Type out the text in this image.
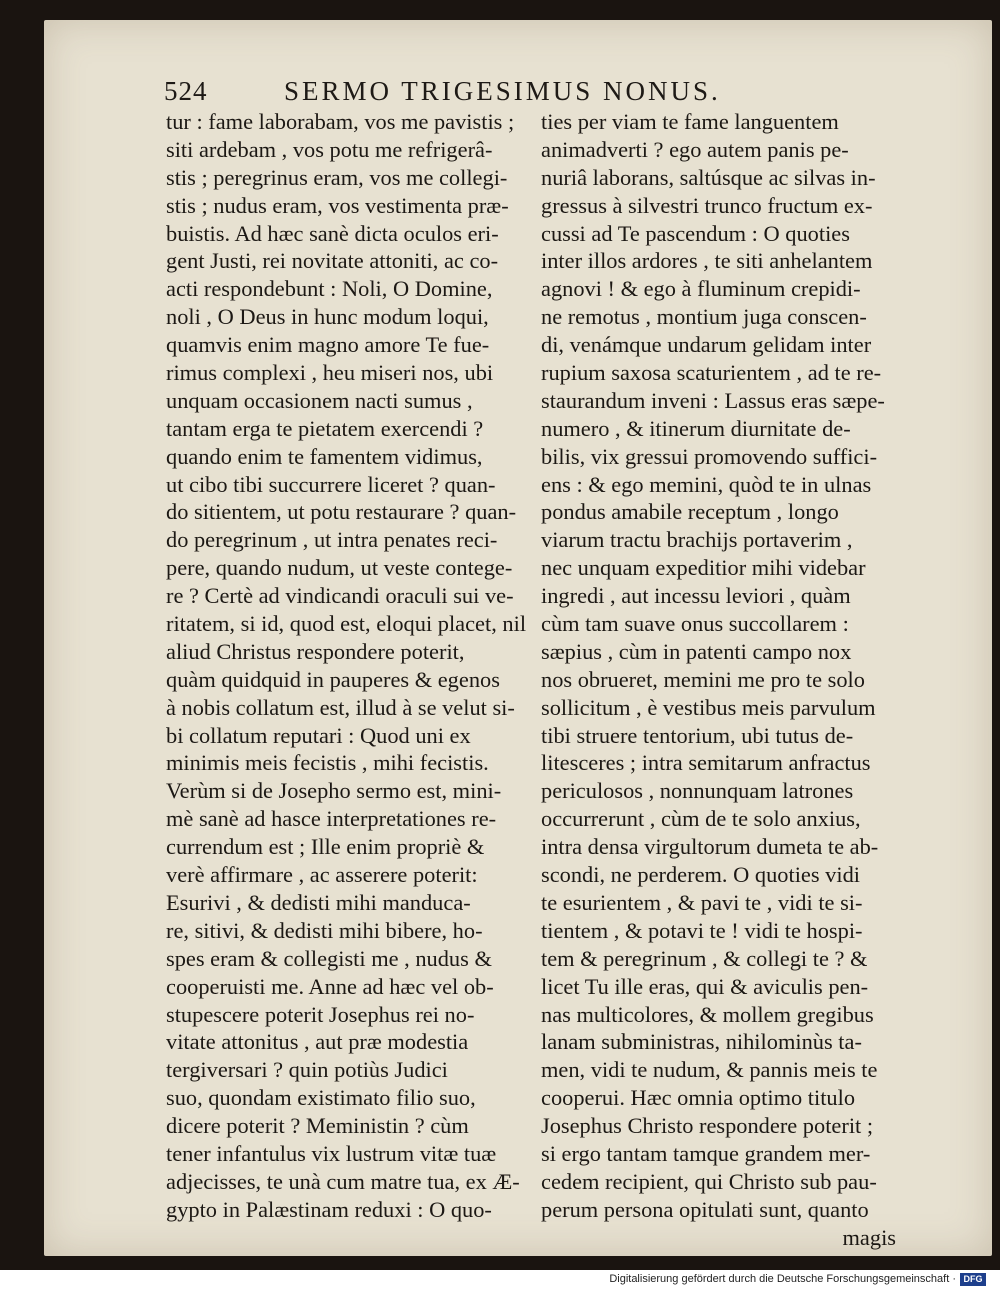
524	SERMO TRIGESIMUS NONUS.
tur : fame laborabam, vos me pavistis ;
siti ardebam , vos potu me refrigerâ-
stis ; peregrinus eram, vos me collegi-
stis ; nudus eram, vos vestimenta præ-
buistis. Ad hæc sanè dicta oculos eri-
gent Justi, rei novitate attoniti, ac co-
acti respondebunt : Noli, O Domine,
noli , O Deus in hunc modum loqui,
quamvis enim magno amore Te fue-
rimus complexi , heu miseri nos, ubi
unquam occasionem nacti sumus ,
tantam erga te pietatem exercendi ?
quando enim te famentem vidimus,
ut cibo tibi succurrere liceret ? quan-
do sitientem, ut potu restaurare ? quan-
do peregrinum , ut intra penates reci-
pere, quando nudum, ut veste contege-
re ? Certè ad vindicandi oraculi sui ve-
ritatem, si id, quod est, eloqui placet, nil
aliud Christus respondere poterit,
quàm quidquid in pauperes & egenos
à nobis collatum est, illud à se velut si-
bi collatum reputari : Quod uni ex
minimis meis fecistis , mihi fecistis.
Verùm si de Josepho sermo est, mini-
mè sanè ad hasce interpretationes re-
currendum est ; Ille enim propriè &
verè affirmare , ac asserere poterit:
Esurivi , & dedisti mihi manduca-
re, sitivi, & dedisti mihi bibere, ho-
spes eram & collegisti me , nudus &
cooperuisti me. Anne ad hæc vel ob-
stupescere poterit Josephus rei no-
vitate attonitus , aut præ modestia
tergiversari ? quin potiùs Judici
suo, quondam existimato filio suo,
dicere poterit ? Meministin ? cùm
tener infantulus vix lustrum vitæ tuæ
adjecisses, te unà cum matre tua, ex Æ-
gypto in Palæstinam reduxi : O quo-
ties per viam te fame languentem
animadverti ? ego autem panis pe-
nuriâ laborans, saltúsque ac silvas in-
gressus à silvestri trunco fructum ex-
cussi ad Te pascendum : O quoties
inter illos ardores , te siti anhelantem
agnovi ! & ego à fluminum crepidi-
ne remotus , montium juga conscen-
di, venámque undarum gelidam inter
rupium saxosa scaturientem , ad te re-
staurandum inveni : Lassus eras sæpe-
numero , & itinerum diurnitate de-
bilis, vix gressui promovendo suffici-
ens : & ego memini, quòd te in ulnas
pondus amabile receptum , longo
viarum tractu brachijs portaverim ,
nec unquam expeditior mihi videbar
ingredi , aut incessu leviori , quàm
cùm tam suave onus succollarem :
sæpius , cùm in patenti campo nox
nos obrueret, memini me pro te solo
sollicitum , è vestibus meis parvulum
tibi struere tentorium, ubi tutus de-
litesceres ; intra semitarum anfractus
periculosos , nonnunquam latrones
occurrerunt , cùm de te solo anxius,
intra densa virgultorum dumeta te ab-
scondi, ne perderem. O quoties vidi
te esurientem , & pavi te , vidi te si-
tientem , & potavi te ! vidi te hospi-
tem & peregrinum , & collegi te ? &
licet Tu ille eras, qui & aviculis pen-
nas multicolores, & mollem gregibus
lanam subministras, nihilominùs ta-
men, vidi te nudum, & pannis meis te
cooperui. Hæc omnia optimo titulo
Josephus Christo respondere poterit ;
si ergo tantam tamque grandem mer-
cedem recipient, qui Christo sub pau-
perum persona opitulati sunt, quanto
magis
Digitalisierung gefördert durch die Deutsche Forschungsgemeinschaft · DFG
